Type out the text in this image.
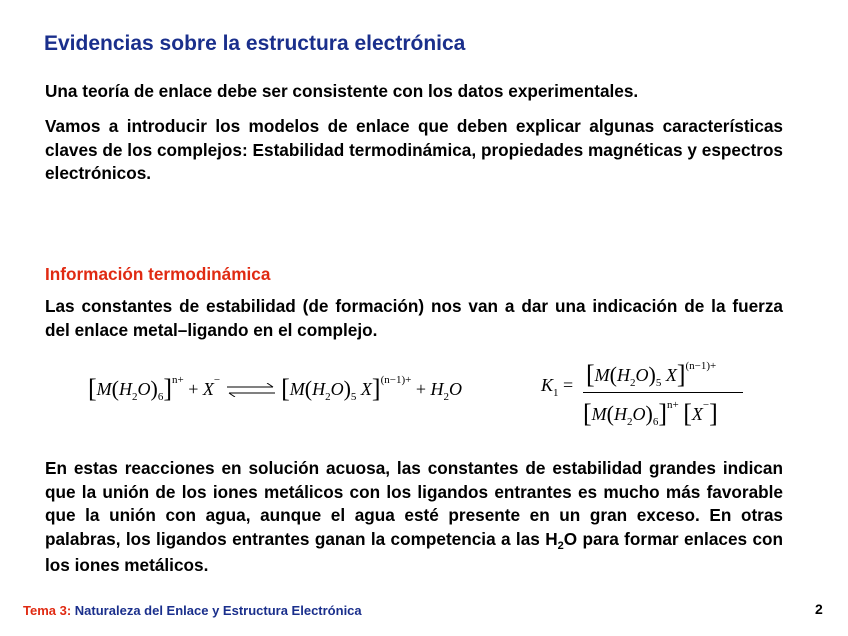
Evidencias sobre la estructura electrónica

Una teoría de enlace debe ser consistente con los datos experimentales.

Vamos a introducir los modelos de enlace que deben explicar algunas características claves de los complejos: Estabilidad termodinámica, propiedades magnéticas y espectros electrónicos.

Información termodinámica

Las constantes de estabilidad (de formación) nos van a dar una indicación de la fuerza del enlace metal–ligando en el complejo.

$[M(H_2O)_6]^{n+} + X^-$ ⇌ [$M(H_2O)_5$ $X]^{(n-1)+} + H_2O$	$K_1 = [M(H_2O)_5$ X]$^{(n-1)+}$
$[M(H_2O)_6]^{n+}$ [X−]

En estas reacciones en solución acuosa, las constantes de estabilidad grandes indican que la unión de los iones metálicos con los ligandos entrantes es mucho más favorable que la unión con agua, aunque el agua esté presente en un gran exceso. En otras palabras, los ligandos entrantes ganan la competencia a las $H_2O$ para formar enlaces con los iones metálicos.

Tema 3: Naturaleza del Enlace y Estructura Electrónica	2
